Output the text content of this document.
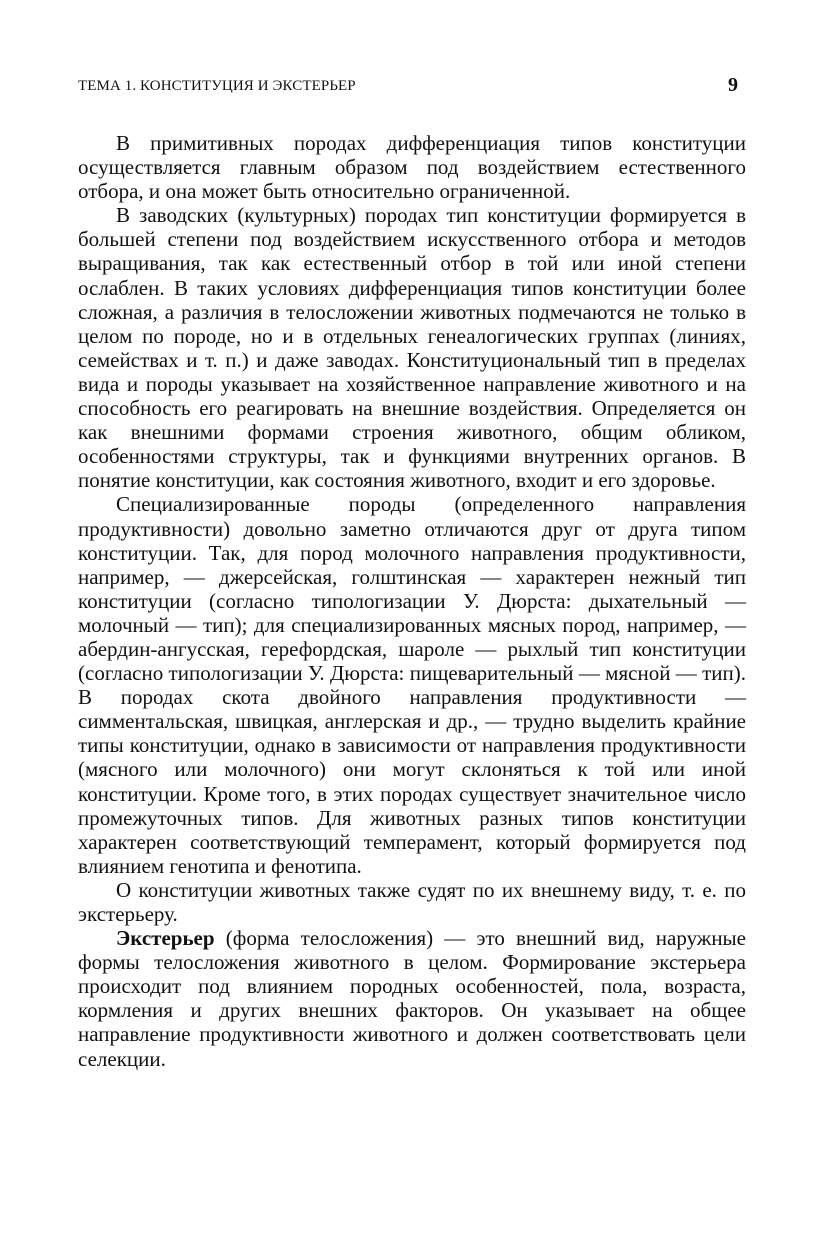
ТЕМА 1. КОНСТИТУЦИЯ И ЭКСТЕРЬЕР	9

В примитивных породах дифференциация типов конституции осуществляется главным образом под воздействием естественного отбора, и она может быть относительно ограниченной.

В заводских (культурных) породах тип конституции формируется в большей степени под воздействием искусственного отбора и методов выращивания, так как естественный отбор в той или иной степени ослаблен. В таких условиях дифференциация типов конституции более сложная, а различия в телосложении животных подмечаются не только в целом по породе, но и в отдельных генеалогических группах (линиях, семействах и т. п.) и даже заводах. Конституциональный тип в пределах вида и породы указывает на хозяйственное направление животного и на способность его реагировать на внешние воздействия. Определяется он как внешними формами строения животного, общим обликом, особенностями структуры, так и функциями внутренних органов. В понятие конституции, как состояния животного, входит и его здоровье.

Специализированные породы (определенного направления продуктивности) довольно заметно отличаются друг от друга типом конституции. Так, для пород молочного направления продуктивности, например, — джерсейская, голштинская — характерен нежный тип конституции (согласно типологизации У. Дюрста: дыхательный — молочный — тип); для специализированных мясных пород, например, — абердин-ангусская, герефордская, шароле — рыхлый тип конституции (согласно типологизации У. Дюрста: пищеварительный — мясной — тип). В породах скота двойного направления продуктивности — симментальская, швицкая, англерская и др., — трудно выделить крайние типы конституции, однако в зависимости от направления продуктивности (мясного или молочного) они могут склоняться к той или иной конституции. Кроме того, в этих породах существует значительное число промежуточных типов. Для животных разных типов конституции характерен соответствующий темперамент, который формируется под влиянием генотипа и фенотипа.

О конституции животных также судят по их внешнему виду, т. е. по экстерьеру.

Экстерьер (форма телосложения) — это внешний вид, наружные формы телосложения животного в целом. Формирование экстерьера происходит под влиянием породных особенностей, пола, возраста, кормления и других внешних факторов. Он указывает на общее направление продуктивности животного и должен соответствовать цели селекции.
